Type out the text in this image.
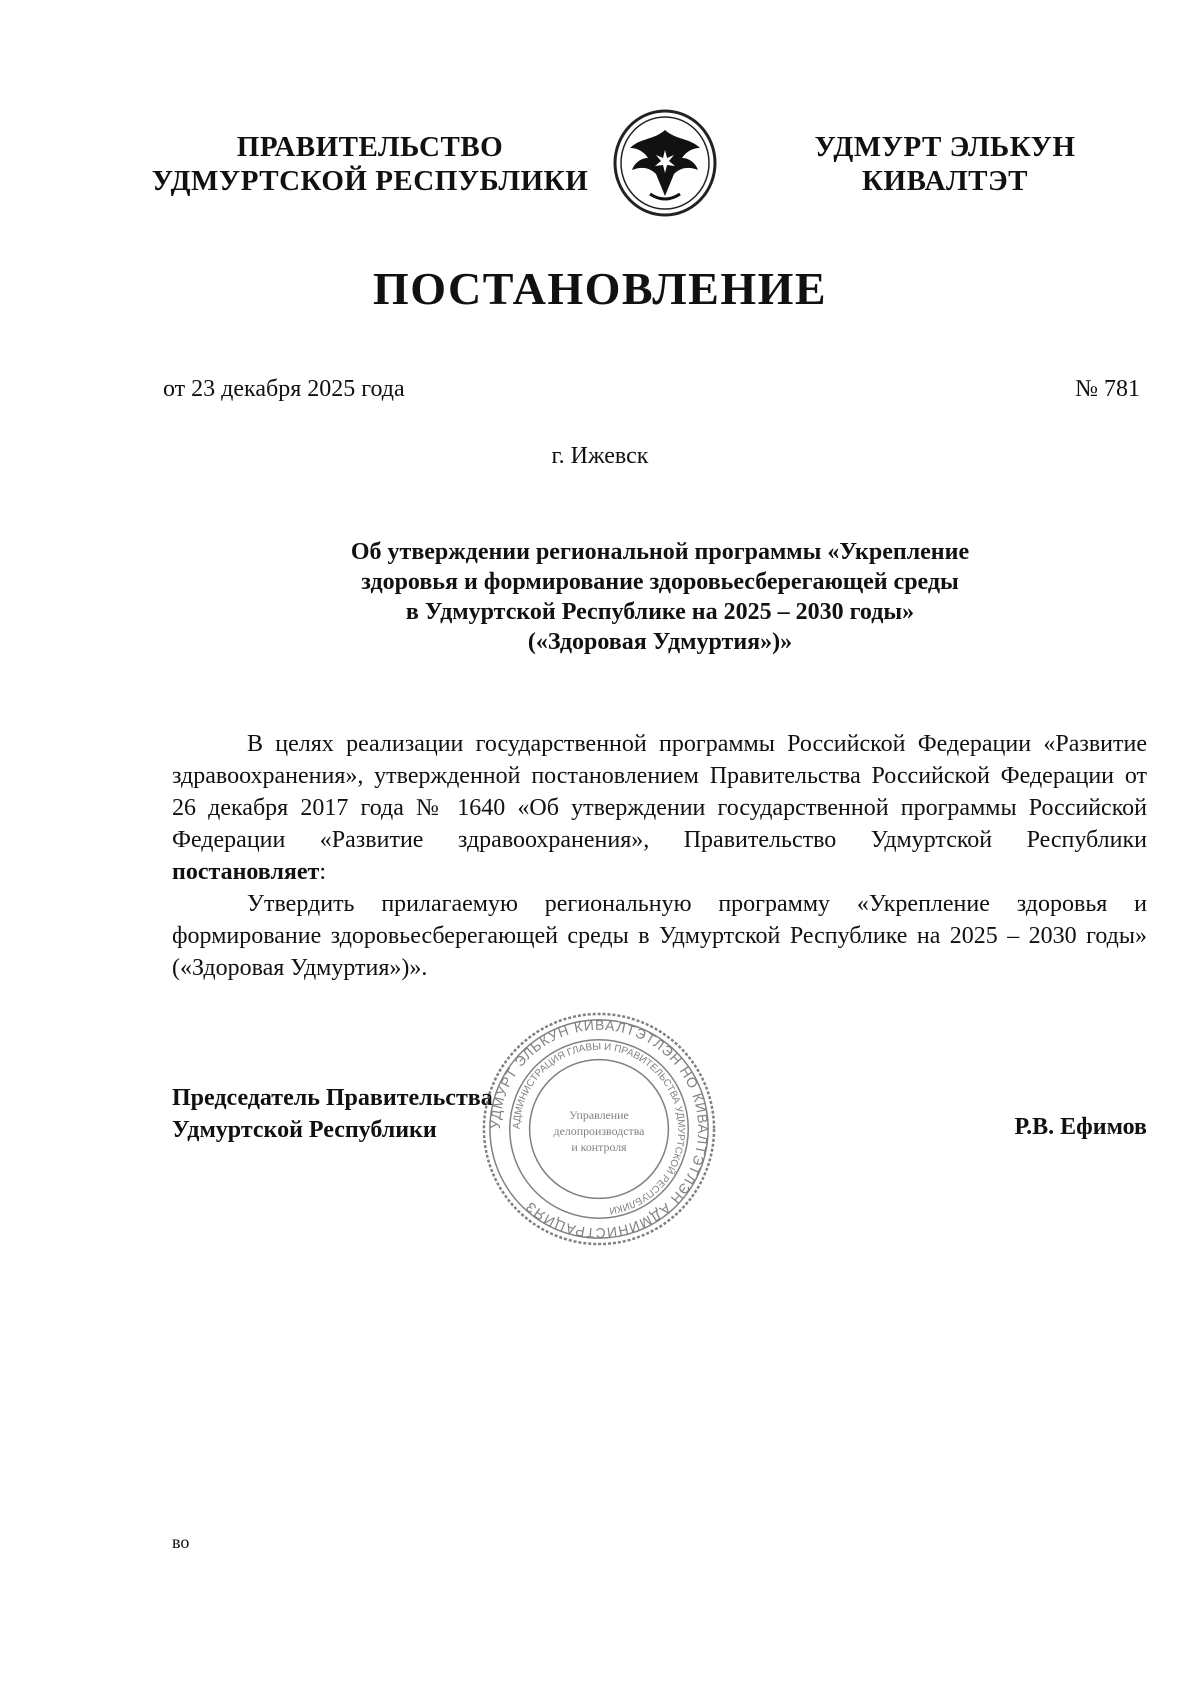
ПРАВИТЕЛЬСТВО
УДМУРТСКОЙ РЕСПУБЛИКИ
УДМУРТ ЭЛЬКУН
КИВАЛТЭТ
ПОСТАНОВЛЕНИЕ
от 23 декабря 2025 года	№ 781
г. Ижевск
Об утверждении региональной программы «Укрепление
здоровья и формирование здоровьесберегающей среды
в Удмуртской Республике на 2025 – 2030 годы»
(«Здоровая Удмуртия»)»

В целях реализации государственной программы Российской Федерации «Развитие здравоохранения», утвержденной постановлением Правительства Российской Федерации от 26 декабря 2017 года № 1640 «Об утверждении государственной программы Российской Федерации «Развитие здравоохранения», Правительство Удмуртской Республики постановляет:

Утвердить прилагаемую региональную программу «Укрепление здоровья и формирование здоровьесберегающей среды в Удмуртской Республике на 2025 – 2030 годы» («Здоровая Удмуртия»)».

Председатель Правительства
Удмуртской Республики	Р.В. Ефимов
УДМУРТ ЭЛЬКУН КИВАЛТЭТЛЭН НО КИВАЛТЭТЛЭН АДМИНИСТРАЦИЯЗ
АДМИНИСТРАЦИЯ ГЛАВЫ И ПРАВИТЕЛЬСТВА УДМУРТСКОЙ РЕСПУБЛИКИ
Управление
делопроизводства
и контроля
во
